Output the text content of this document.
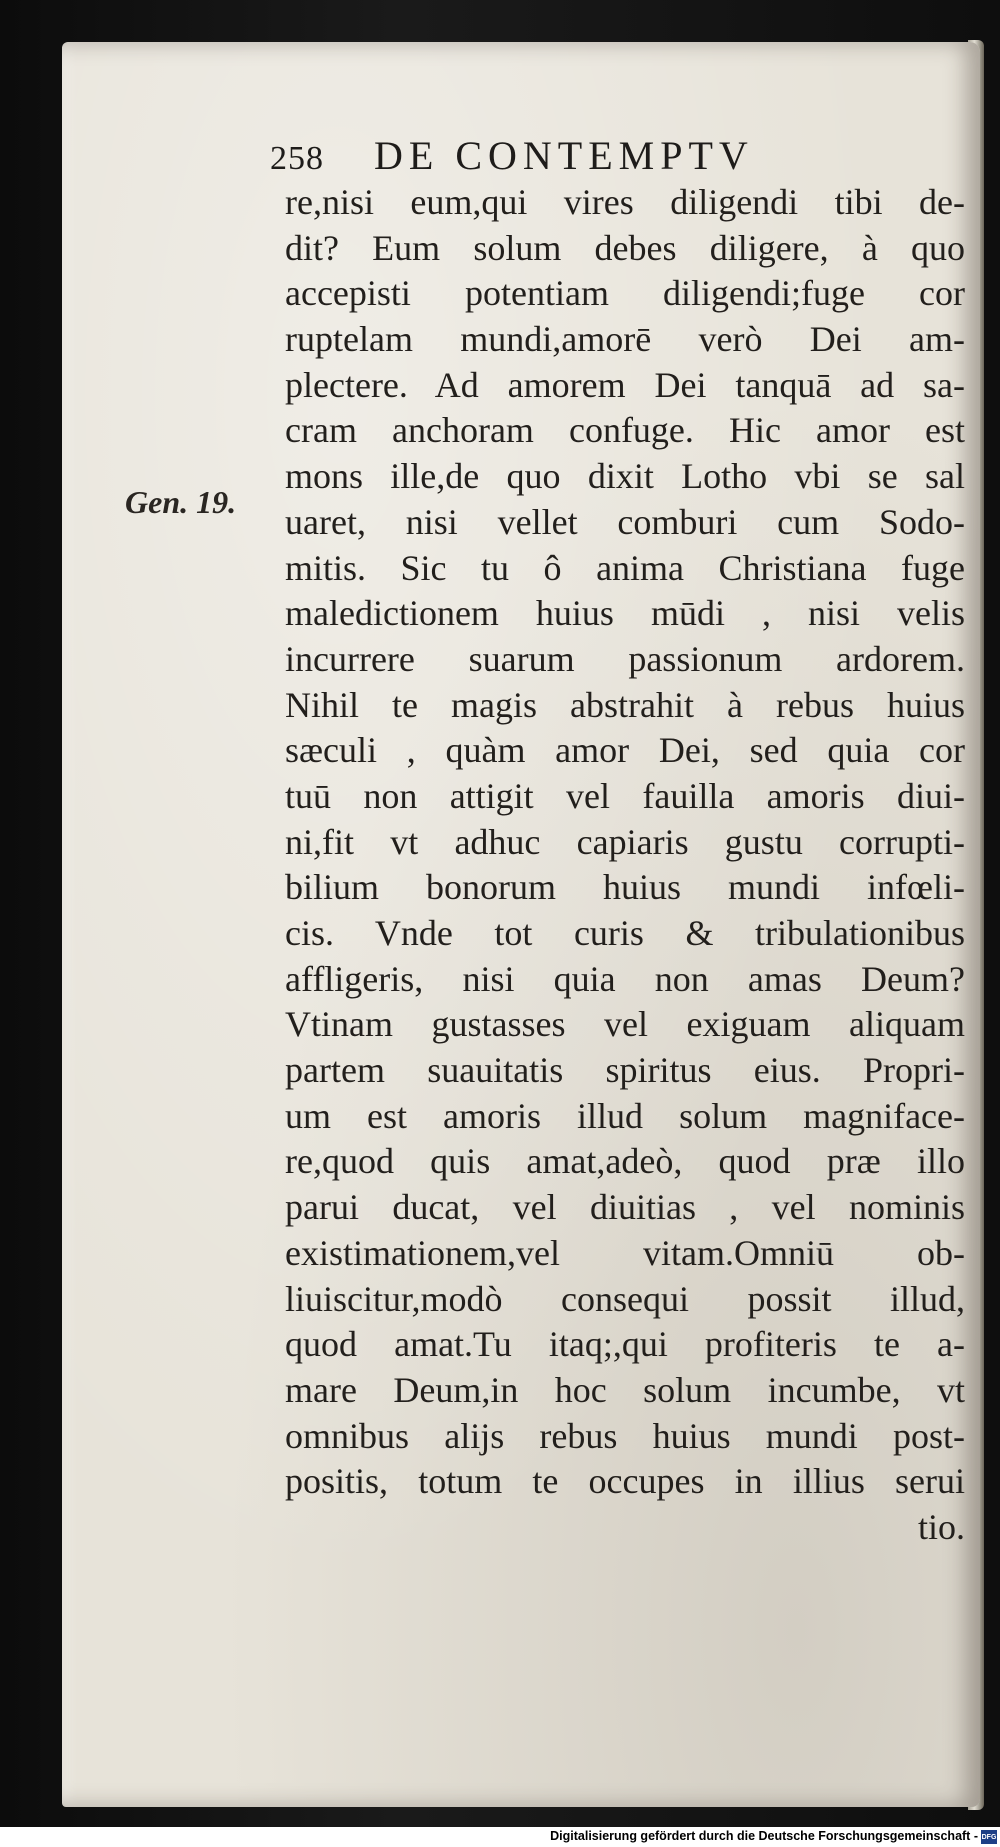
258 DE CONTEMPTV
Gen. 19.
re,nisi eum,qui vires diligendi tibi de-
dit? Eum solum debes diligere, à quo
accepisti potentiam diligendi;fuge cor
ruptelam mundi,amorē verò Dei am-
plectere. Ad amorem Dei tanquā ad sa-
cram anchoram confuge. Hic amor est
mons ille,de quo dixit Lotho vbi se sal
uaret, nisi vellet comburi cum Sodo-
mitis. Sic tu ô anima Christiana fuge
maledictionem huius mūdi , nisi velis
incurrere suarum passionum ardorem.
Nihil te magis abstrahit à rebus huius
sæculi , quàm amor Dei, sed quia cor
tuū non attigit vel fauilla amoris diui-
ni,fit vt adhuc capiaris gustu corrupti-
bilium bonorum huius mundi infœli-
cis. Vnde tot curis & tribulationibus
affligeris, nisi quia non amas Deum?
Vtinam gustasses vel exiguam aliquam
partem suauitatis spiritus eius. Propri-
um est amoris illud solum magniface-
re,quod quis amat,adeò, quod præ illo
parui ducat, vel diuitias , vel nominis
existimationem,vel vitam.Omniū ob-
liuiscitur,modò consequi possit illud,
quod amat.Tu itaq;,qui profiteris te a-
mare Deum,in hoc solum incumbe, vt
omnibus alijs rebus huius mundi post-
positis, totum te occupes in illius serui
tio.
Digitalisierung gefördert durch die Deutsche Forschungsgemeinschaft - DFG
